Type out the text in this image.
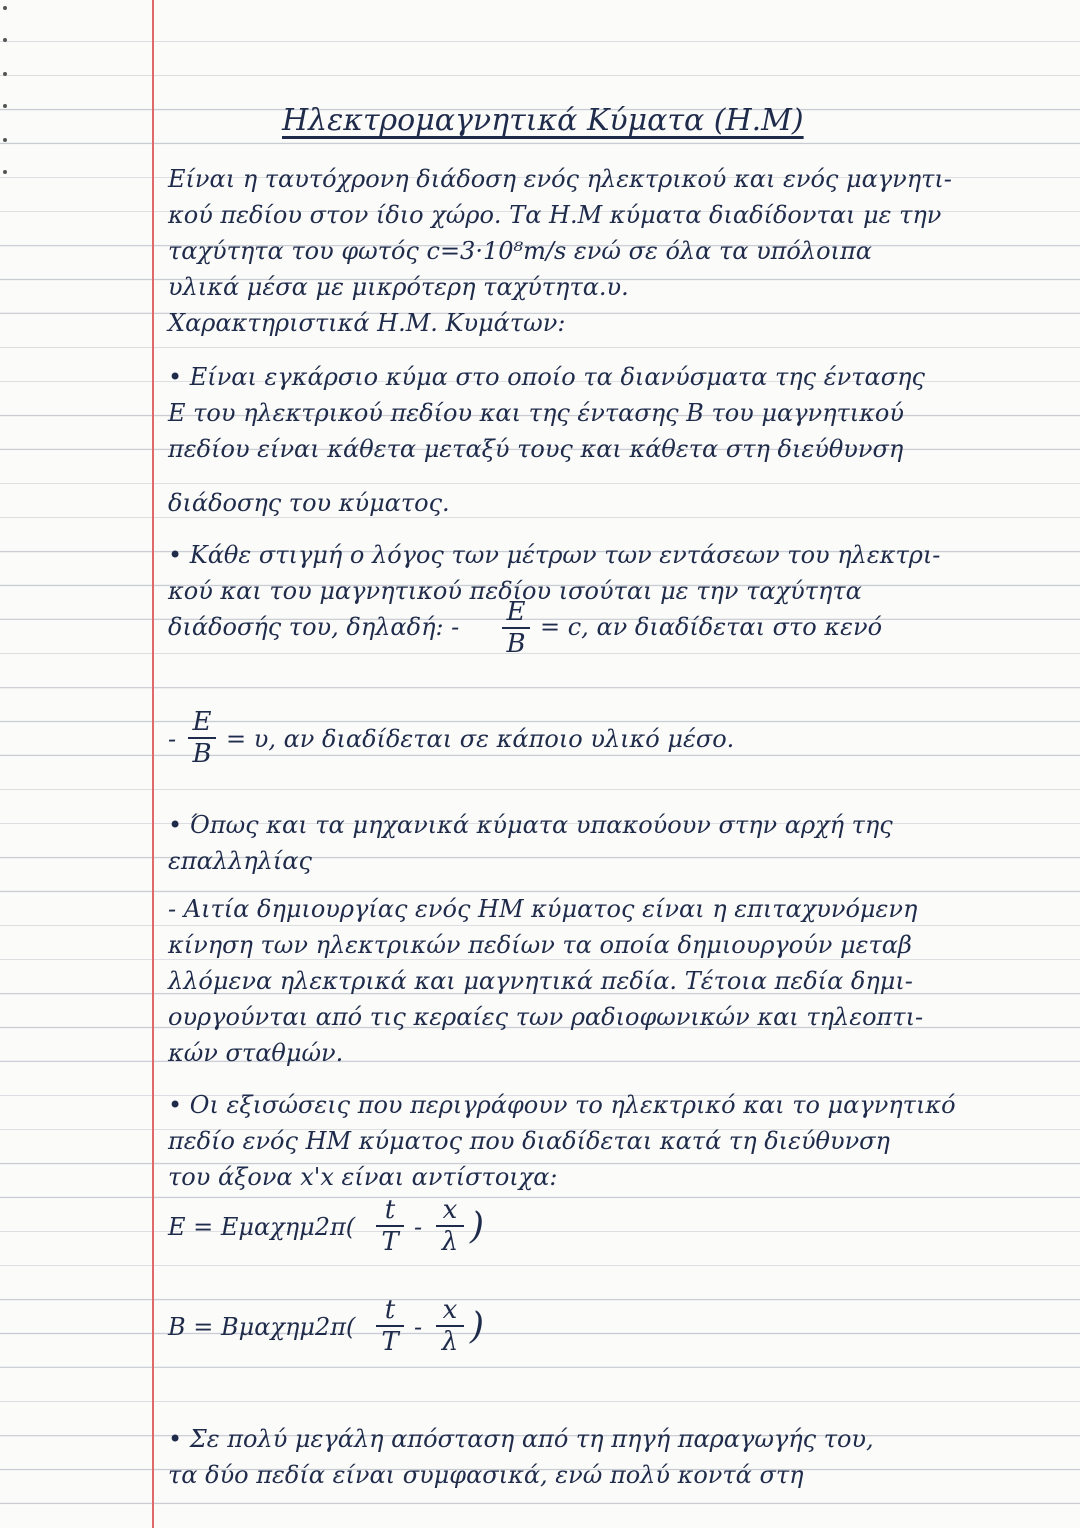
Ηλεκτρομαγνητικά Κύματα (Η.Μ)
Είναι η ταυτόχρονη διάδοση ενός ηλεκτρικού και ενός μαγνητι-
κού πεδίου στον ίδιο χώρο. Τα Η.Μ κύματα διαδίδονται με την
ταχύτητα του φωτός c=3·10⁸m/s ενώ σε όλα τα υπόλοιπα
υλικά μέσα με μικρότερη ταχύτητα.υ.
Χαρακτηριστικά Η.Μ. Κυμάτων:
• Είναι εγκάρσιο κύμα στο οποίο τα διανύσματα της έντασης
E του ηλεκτρικού πεδίου και της έντασης B του μαγνητικού
πεδίου είναι κάθετα μεταξύ τους και κάθετα στη διεύθυνση
διάδοσης του κύματος.
• Κάθε στιγμή ο λόγος των μέτρων των εντάσεων του ηλεκτρι-
κού και του μαγνητικού πεδίου ισούται με την ταχύτητα
διάδοσής του, δηλαδή: - E
B
= c, αν διαδίδεται στο κενό
-
E
B = υ, αν διαδίδεται σε κάποιο υλικό μέσο.
• Όπως και τα μηχανικά κύματα υπακούουν στην αρχή της
επαλληλίας
- Αιτία δημιουργίας ενός ΗΜ κύματος είναι η επιταχυνόμενη
κίνηση των ηλεκτρικών πεδίων τα οποία δημιουργούν μεταβ
λλόμενα ηλεκτρικά και μαγνητικά πεδία. Τέτοια πεδία δημι-
ουργούνται από τις κεραίες των ραδιοφωνικών και τηλεοπτι-
κών σταθμών.
• Οι εξισώσεις που περιγράφουν το ηλεκτρικό και το μαγνητικό
πεδίο ενός ΗΜ κύματος που διαδίδεται κατά τη διεύθυνση
του άξονα x'x είναι αντίστοιχα:
E = Eμαχημ2π(
t
T -
x
λ )
B = Bμαχημ2π(
t
T -
x
λ )
• Σε πολύ μεγάλη απόσταση από τη πηγή παραγωγής του,
τα δύο πεδία είναι συμφασικά, ενώ πολύ κοντά στη
